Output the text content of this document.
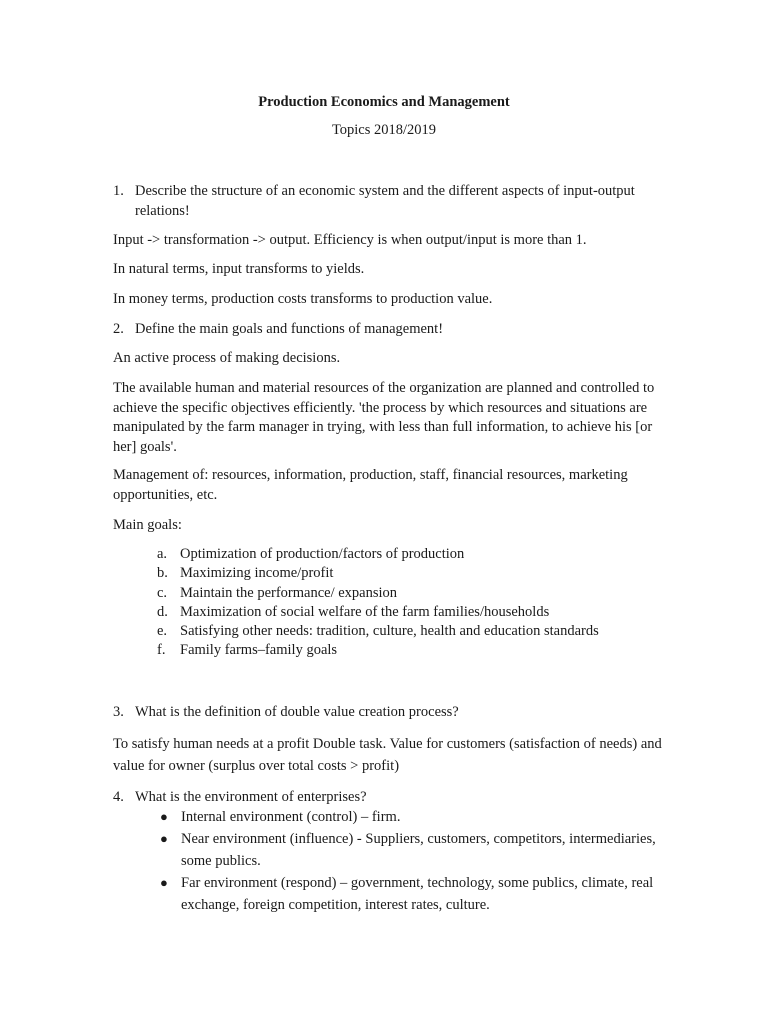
Production Economics and Management

Topics 2018/2019

1. Describe the structure of an economic system and the different aspects of input-output relations!

Input -> transformation -> output. Efficiency is when output/input is more than 1.

In natural terms, input transforms to yields.

In money terms, production costs transforms to production value.

2. Define the main goals and functions of management!

An active process of making decisions.

The available human and material resources of the organization are planned and controlled to achieve the specific objectives efficiently. 'the process by which resources and situations are manipulated by the farm manager in trying, with less than full information, to achieve his [or her] goals'.

Management of: resources, information, production, staff, financial resources, marketing opportunities, etc.

Main goals:

a. Optimization of production/factors of production
b. Maximizing income/profit
c. Maintain the performance/ expansion
d. Maximization of social welfare of the farm families/households
e. Satisfying other needs: tradition, culture, health and education standards
f. Family farms–family goals
3. What is the definition of double value creation process?

To satisfy human needs at a profit Double task. Value for customers (satisfaction of needs) and value for owner (surplus over total costs > profit)

4. What is the environment of enterprises?
● Internal environment (control) – firm.
● Near environment (influence) - Suppliers, customers, competitors, intermediaries, some publics.
● Far environment (respond) – government, technology, some publics, climate, real exchange, foreign competition, interest rates, culture.
